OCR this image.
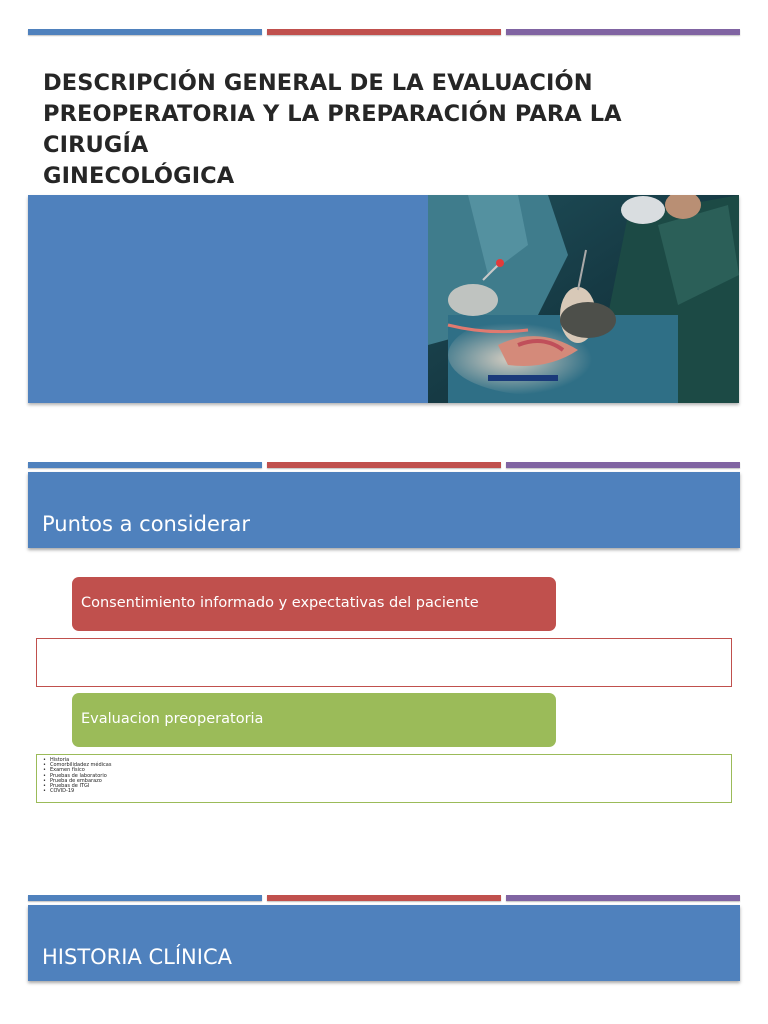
DESCRIPCIÓN GENERAL DE LA EVALUACIÓN
PREOPERATORIA Y LA PREPARACIÓN PARA LA CIRUGÍA
GINECOLÓGICA
Puntos a considerar
Consentimiento informado y expectativas del paciente
Evaluacion preoperatoria
• Historia
• Comorbilidadez médicas
• Examen físico
• Pruebas de laboratorio
• Prueba de embarazo
• Pruebas de ITGI
• COVID-19
HISTORIA CLÍNICA
